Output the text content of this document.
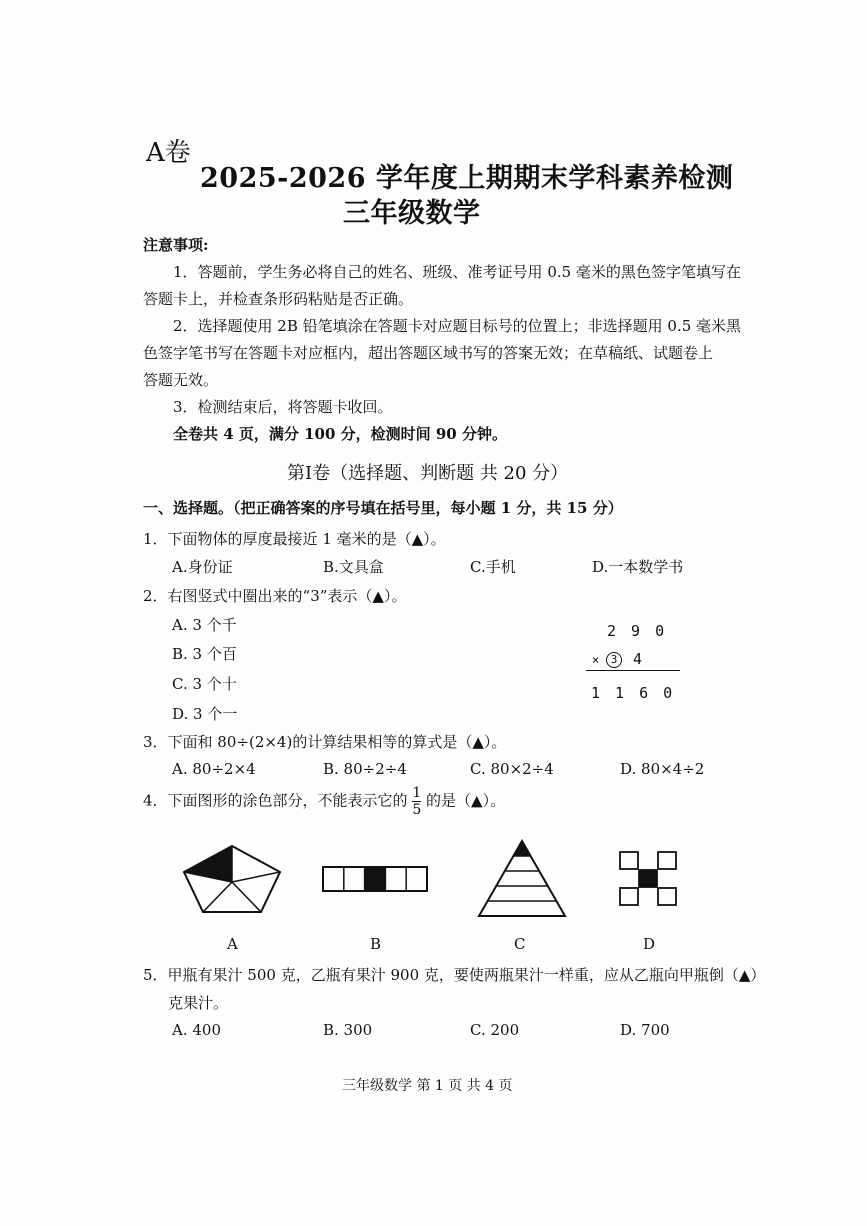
A卷
2025-2026 学年度上期期末学科素养检测
三年级数学
注意事项:
1．答题前，学生务必将自己的姓名、班级、准考证号用 0.5 毫米的黑色签字笔填写在
答题卡上，并检查条形码粘贴是否正确。
2．选择题使用 2B 铅笔填涂在答题卡对应题目标号的位置上；非选择题用 0.5 毫米黑
色签字笔书写在答题卡对应框内，超出答题区域书写的答案无效；在草稿纸、试题卷上
答题无效。
3．检测结束后，将答题卡收回。
全卷共 4 页，满分 100 分，检测时间 90 分钟。
第Ⅰ卷（选择题、判断题 共 20 分）
一、选择题。（把正确答案的序号填在括号里，每小题 1 分，共 15 分）
1．下面物体的厚度最接近 1 毫米的是（▲）。
A.身份证	B.文具盒	C.手机	D.一本数学书
2．右图竖式中圈出来的“3”表示（▲）。
A. 3 个千
B. 3 个百
C. 3 个十
D. 3 个一
2 9 0
×	3	4
1 1 6 0
3．下面和 80÷(2×4)的计算结果相等的算式是（▲）。
A. 80÷2×4	B. 80÷2÷4	C. 80×2÷4	D. 80×4÷2
4．下面图形的涂色部分，不能表示它的 $\frac{1}{5}$ 的是（▲）。
A	B	C	D
5．甲瓶有果汁 500 克，乙瓶有果汁 900 克，要使两瓶果汁一样重，应从乙瓶向甲瓶倒（▲）
克果汁。
A. 400	B. 300	C. 200	D. 700
三年级数学 第 1 页 共 4 页
